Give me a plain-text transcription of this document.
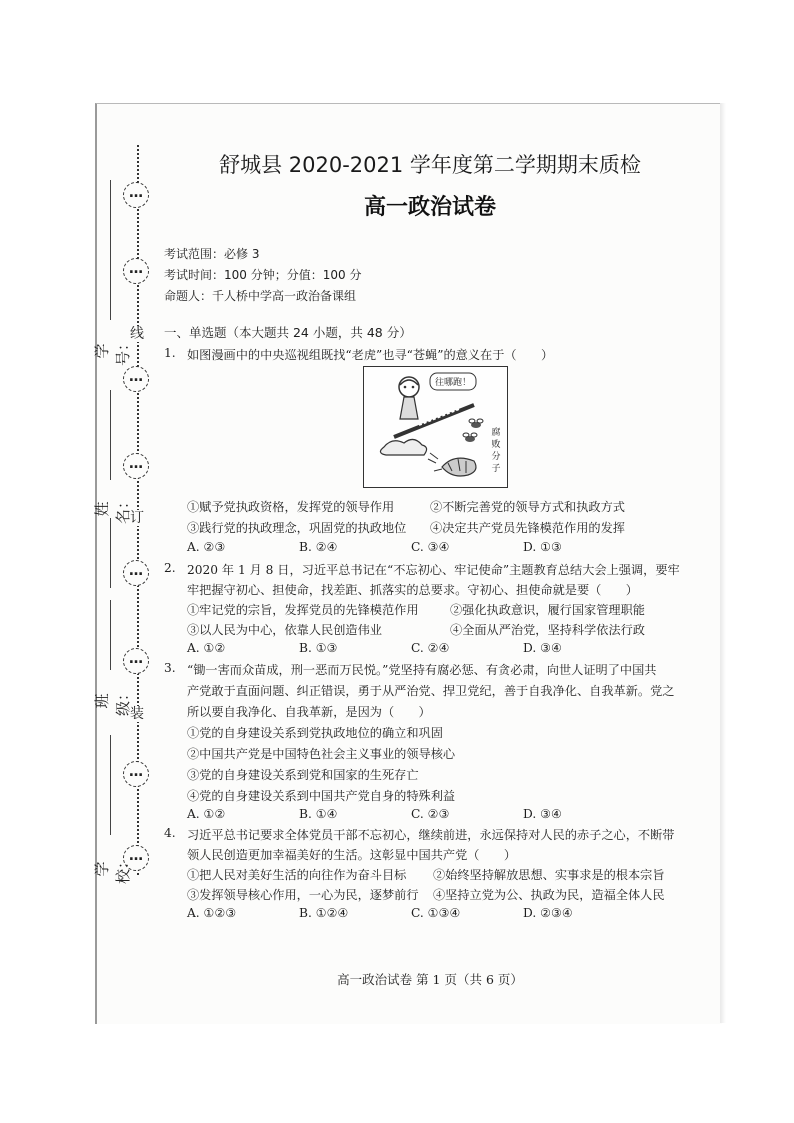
…
…
…
…
…
…
…
…
线
订
装
学号：
姓名：
班级：
学校：
舒城县 2020-2021 学年度第二学期期末质检
高一政治试卷
考试范围：必修 3
考试时间：100 分钟；分值：100 分
命题人：千人桥中学高一政治备课组
一、单选题（本大题共 24 小题，共 48 分）
1. 如图漫画中的中央巡视组既找“老虎”也寻“苍蝇”的意义在于（　　）
往哪跑！
腐
败
分
子
①赋予党执政资格，发挥党的领导作用	②不断完善党的领导方式和执政方式
③践行党的执政理念，巩固党的执政地位 ④决定共产党员先锋模范作用的发挥
A. ②③	B. ②④	C. ③④	D. ①③
2. 2020 年 1 月 8 日，习近平总书记在“不忘初心、牢记使命”主题教育总结大会上强调，要牢
牢把握守初心、担使命，找差距、抓落实的总要求。守初心、担使命就是要（　　）
①牢记党的宗旨，发挥党员的先锋模范作用	②强化执政意识，履行国家管理职能
③以人民为中心，依靠人民创造伟业	④全面从严治党，坚持科学依法行政
A. ①②	B. ①③	C. ②④	D. ③④
3. “锄一害而众苗成，刑一恶而万民悦。”党坚持有腐必惩、有贪必肃，向世人证明了中国共
产党敢于直面问题、纠正错误，勇于从严治党、捍卫党纪，善于自我净化、自我革新。党之
所以要自我净化、自我革新，是因为（　　）
①党的自身建设关系到党执政地位的确立和巩固
②中国共产党是中国特色社会主义事业的领导核心
③党的自身建设关系到党和国家的生死存亡
④党的自身建设关系到中国共产党自身的特殊利益
A. ①②	B. ①④	C. ②③	D. ③④
4. 习近平总书记要求全体党员干部不忘初心，继续前进，永远保持对人民的赤子之心，不断带
领人民创造更加幸福美好的生活。这彰显中国共产党（　　）
①把人民对美好生活的向往作为奋斗目标 ②始终坚持解放思想、实事求是的根本宗旨
③发挥领导核心作用，一心为民，逐梦前行 ④坚持立党为公、执政为民，造福全体人民
A. ①②③	B. ①②④	C. ①③④	D. ②③④
高一政治试卷 第 1 页（共 6 页）
